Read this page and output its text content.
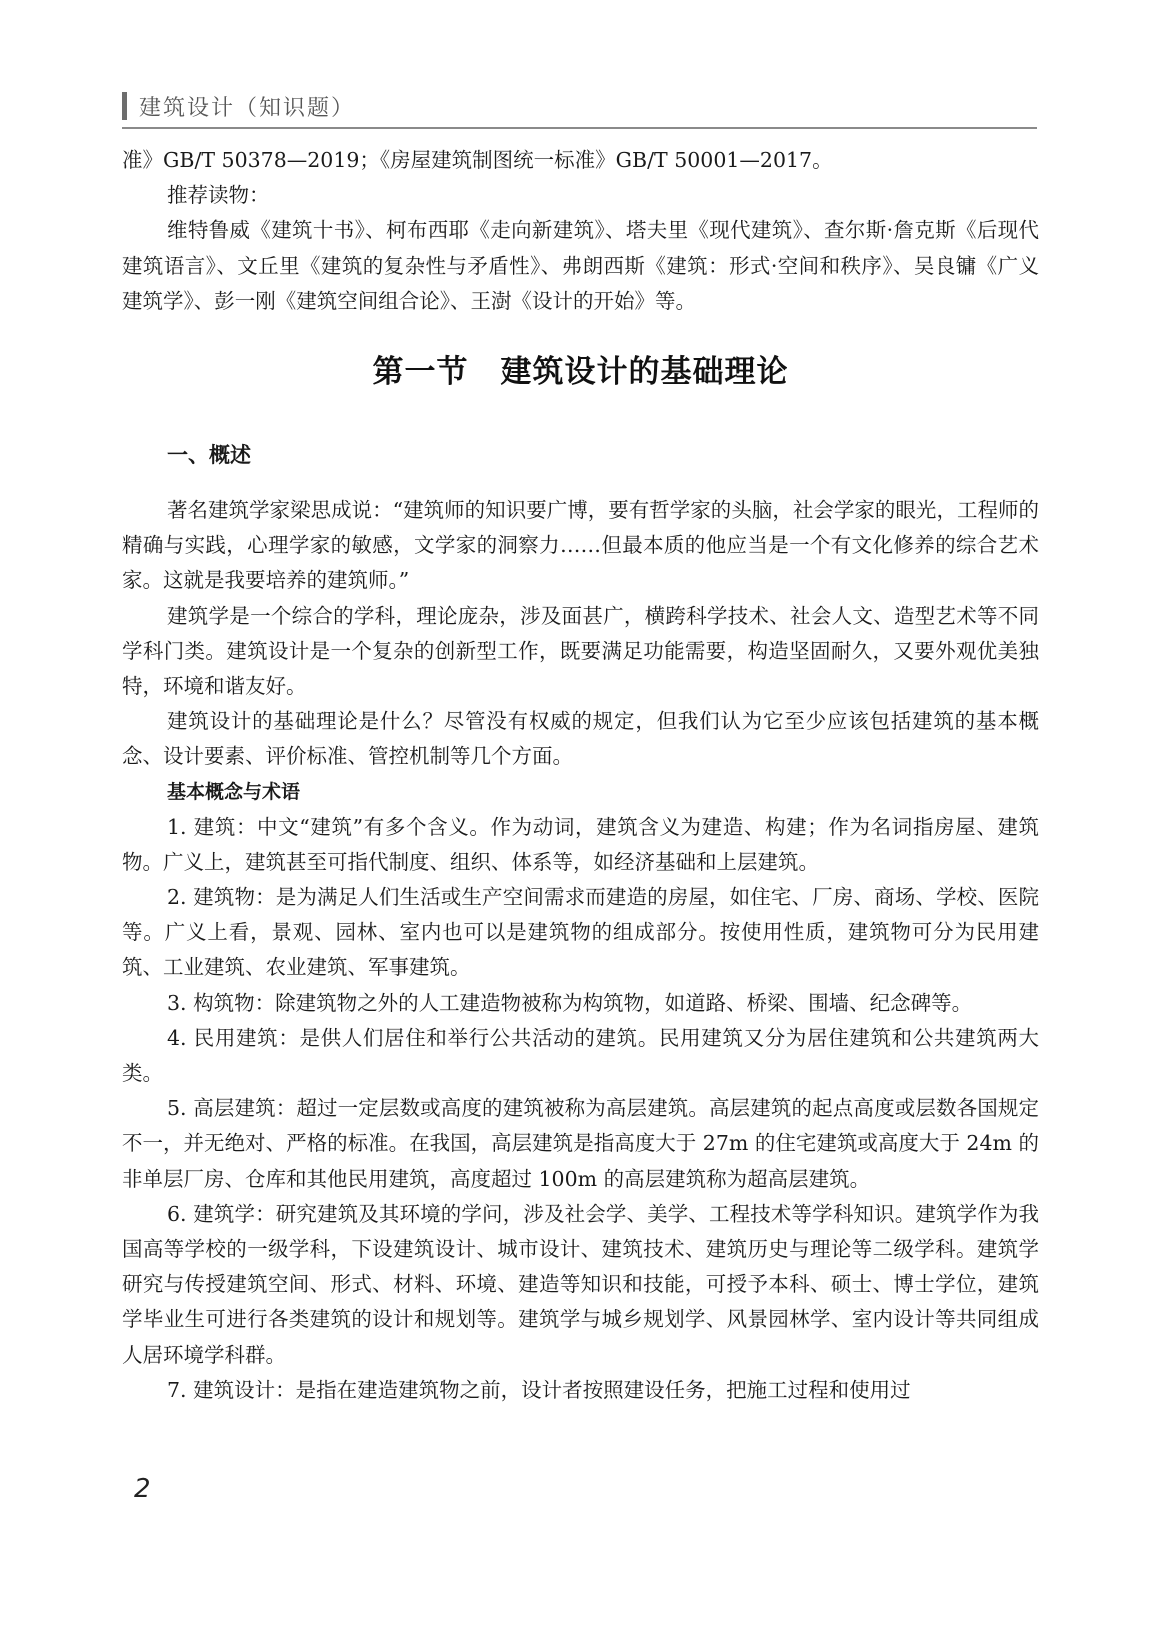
建筑设计（知识题）

准》GB/T 50378—2019；《房屋建筑制图统一标准》GB/T 50001—2017。

推荐读物：

维特鲁威《建筑十书》、柯布西耶《走向新建筑》、塔夫里《现代建筑》、查尔斯·詹克斯《后现代建筑语言》、文丘里《建筑的复杂性与矛盾性》、弗朗西斯《建筑：形式·空间和秩序》、吴良镛《广义建筑学》、彭一刚《建筑空间组合论》、王澍《设计的开始》等。

第一节 建筑设计的基础理论
一、概述

著名建筑学家梁思成说：“建筑师的知识要广博，要有哲学家的头脑，社会学家的眼光，工程师的精确与实践，心理学家的敏感，文学家的洞察力……但最本质的他应当是一个有文化修养的综合艺术家。这就是我要培养的建筑师。”

建筑学是一个综合的学科，理论庞杂，涉及面甚广，横跨科学技术、社会人文、造型艺术等不同学科门类。建筑设计是一个复杂的创新型工作，既要满足功能需要，构造坚固耐久，又要外观优美独特，环境和谐友好。

建筑设计的基础理论是什么？尽管没有权威的规定，但我们认为它至少应该包括建筑的基本概念、设计要素、评价标准、管控机制等几个方面。

基本概念与术语

1. 建筑：中文“建筑”有多个含义。作为动词，建筑含义为建造、构建；作为名词指房屋、建筑物。广义上，建筑甚至可指代制度、组织、体系等，如经济基础和上层建筑。

2. 建筑物：是为满足人们生活或生产空间需求而建造的房屋，如住宅、厂房、商场、学校、医院等。广义上看，景观、园林、室内也可以是建筑物的组成部分。按使用性质，建筑物可分为民用建筑、工业建筑、农业建筑、军事建筑。

3. 构筑物：除建筑物之外的人工建造物被称为构筑物，如道路、桥梁、围墙、纪念碑等。

4. 民用建筑：是供人们居住和举行公共活动的建筑。民用建筑又分为居住建筑和公共建筑两大类。

5. 高层建筑：超过一定层数或高度的建筑被称为高层建筑。高层建筑的起点高度或层数各国规定不一，并无绝对、严格的标准。在我国，高层建筑是指高度大于 27m 的住宅建筑或高度大于 24m 的非单层厂房、仓库和其他民用建筑，高度超过 100m 的高层建筑称为超高层建筑。

6. 建筑学：研究建筑及其环境的学问，涉及社会学、美学、工程技术等学科知识。建筑学作为我国高等学校的一级学科，下设建筑设计、城市设计、建筑技术、建筑历史与理论等二级学科。建筑学研究与传授建筑空间、形式、材料、环境、建造等知识和技能，可授予本科、硕士、博士学位，建筑学毕业生可进行各类建筑的设计和规划等。建筑学与城乡规划学、风景园林学、室内设计等共同组成人居环境学科群。

7. 建筑设计：是指在建造建筑物之前，设计者按照建设任务，把施工过程和使用过

2
